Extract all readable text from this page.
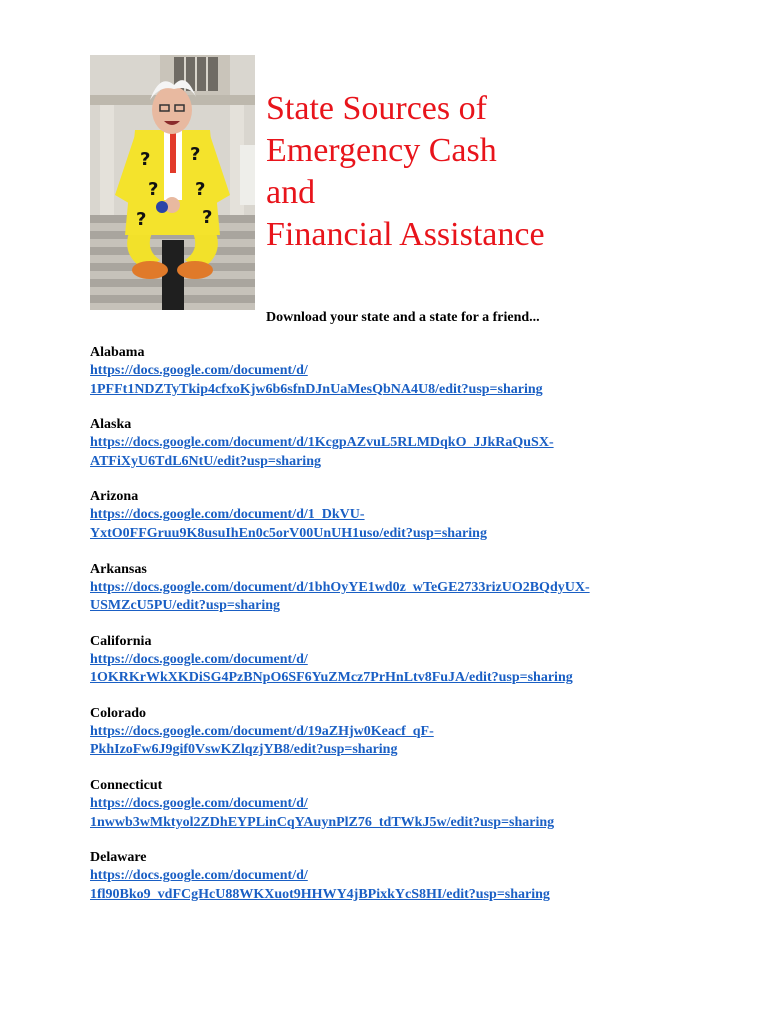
? ?
? ?
?	?
State Sources of
Emergency Cash
and
Financial Assistance

Download your state and a state for a friend...

Alabama
https://docs.google.com/document/d/
1PFFt1NDZTyTkip4cfxoKjw6b6sfnDJnUaMesQbNA4U8/edit?usp=sharing
Alaska
https://docs.google.com/document/d/1KcgpAZvuL5RLMDqkO_JJkRaQuSX-
ATFiXyU6TdL6NtU/edit?usp=sharing
Arizona
https://docs.google.com/document/d/1_DkVU-
YxtO0FFGruu9K8usuIhEn0c5orV00UnUH1uso/edit?usp=sharing
Arkansas
https://docs.google.com/document/d/1bhOyYE1wd0z_wTeGE2733rizUO2BQdyUX-
USMZcU5PU/edit?usp=sharing
California
https://docs.google.com/document/d/
1OKRKrWkXKDiSG4PzBNpO6SF6YuZMcz7PrHnLtv8FuJA/edit?usp=sharing
Colorado
https://docs.google.com/document/d/19aZHjw0Keacf_qF-
PkhIzoFw6J9gif0VswKZlqzjYB8/edit?usp=sharing
Connecticut
https://docs.google.com/document/d/
1nwwb3wMktyol2ZDhEYPLinCqYAuynPlZ76_tdTWkJ5w/edit?usp=sharing
Delaware
https://docs.google.com/document/d/
1fl90Bko9_vdFCgHcU88WKXuot9HHWY4jBPixkYcS8HI/edit?usp=sharing
